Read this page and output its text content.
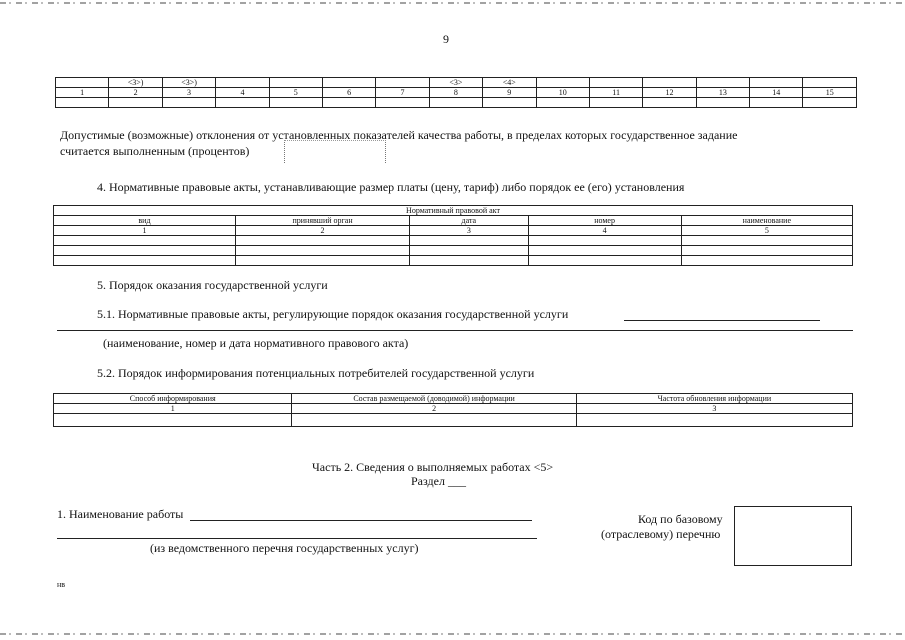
9
	<3>)	<3>)					<3>	<4>						
1	2	3	4	5	6	7	8	9	10	11	12	13	14	15

Допустимые (возможные) отклонения от установленных показателей качества работы, в пределах которых государственное задание
считается выполненным (процентов)
4. Нормативные правовые акты, устанавливающие размер платы (цену, тариф) либо порядок ее (его) установления
Нормативный правовой акт				
вид	принявший орган	дата	номер	наименование
1	2	3	4	5

5. Порядок оказания государственной услуги
5.1. Нормативные правовые акты, регулирующие порядок оказания государственной услуги
(наименование, номер и дата нормативного правового акта)
5.2. Порядок информирования потенциальных потребителей государственной услуги
Способ информирования	Состав размещаемой (доводимой) информации	Частота обновления информации
1	2	3

Часть 2. Сведения о выполняемых работах <5>
Раздел ___
1. Наименование работы
(из ведомственного перечня государственных услуг)
Код по базовому
(отраслевому) перечню
нв
